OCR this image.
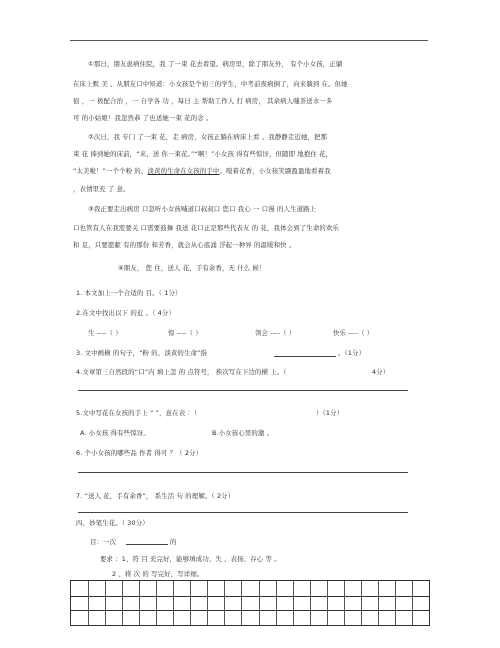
①那日，朋友患病住院，我 了一束 花去看望。病房里，除了朋友外， 有个小女孩，正躺
在床上默 美 。从朋友口中知道：小女孩是个初三的学生，中考前夜病倒了，向来躺到 在。但她
很 ，一 极配合治 ，一 自学各 功 ，每日 主 帮助工作人 打 病房， 其余病人嗤茶送水一多
可 的小姑娘！我忽然恭 了也送她一束 花的念 。
②次日，我 专门 了一束 花，走 病房，女孩正躺在病床上看 。我静静走近她，把那
束 花 捧到她的床前，“来，送 你一束花。”“啊！”小女孩 得有些惊讶，但随即 地抱住 花，
“太美啦！”一个个粉 的、淡黄的生命在女孩的手中。嗅着花香，小女孩笑靥盈盈地看着我
，表情里充 了 意。
③我正要走出病房 口忽听小女孩喊道口叔叔口 您口 我心 一 口漫 的人生道路上
口也管有人在我需要关 口需要鼓舞 我送 花口正是那些代表友 的 花，我体会到了生命的欢乐
和 足，只要愿献 有的那份 和芳香，就会从心底涌 浮起一种异 的温暖和快 。
④朋友， 您 住，送人 花，手有余香，无 什么 候！
1. 本文加上一个合适的 目。（ 1分）
2.在文中找出以下 的近 。（ 4分）
生 ----（ ）	惊 ----（ ）	领会 ----（ ）	快乐 ----（ ）
3. 文中画横 的句子，“粉 的、淡黄的生命”指	。（1分）
4.文章第三自然段的“口”内 填上怎 的 点符号， 挨次写在下边的横 上。（	4分）
5.文中写花在女孩的手上 “ ”，意在表 ：（	）（1分）
A. 小女孩 得有些惊讶。	B.小女孩心里的激 。
6. 个小女孩的哪些品 作者 得可 ？（ 2分）
7. “送人 花，手有余香”， 系生活 句 的理解。（ 2分）
四、妙笔生花。（ 30分）
目：一次	的
要求 ：1、符 目 充完好，能够填成功、失 、表扬、存心 等 。
2 、将 次 的 写完好，写详细。
